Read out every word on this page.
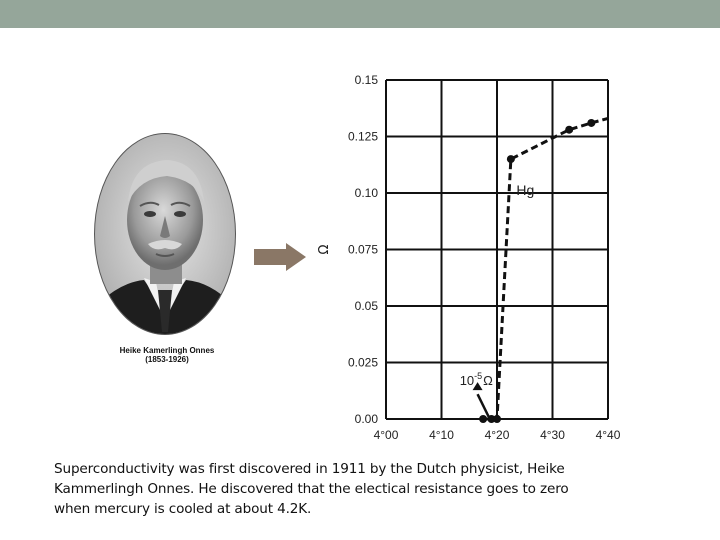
Heike Kamerlingh Onnes
(1853-1926)
0.15
0.125
0.10
0.075
0.05
0.025
0.00
4°00	4°10	4°20	4°30	4°40
Ω
Hg
$10^{-5}\Omega$
Superconductivity was first discovered in 1911 by the Dutch physicist, Heike
Kammerlingh Onnes. He discovered that the electical resistance goes to zero
when mercury is cooled at about 4.2K.
